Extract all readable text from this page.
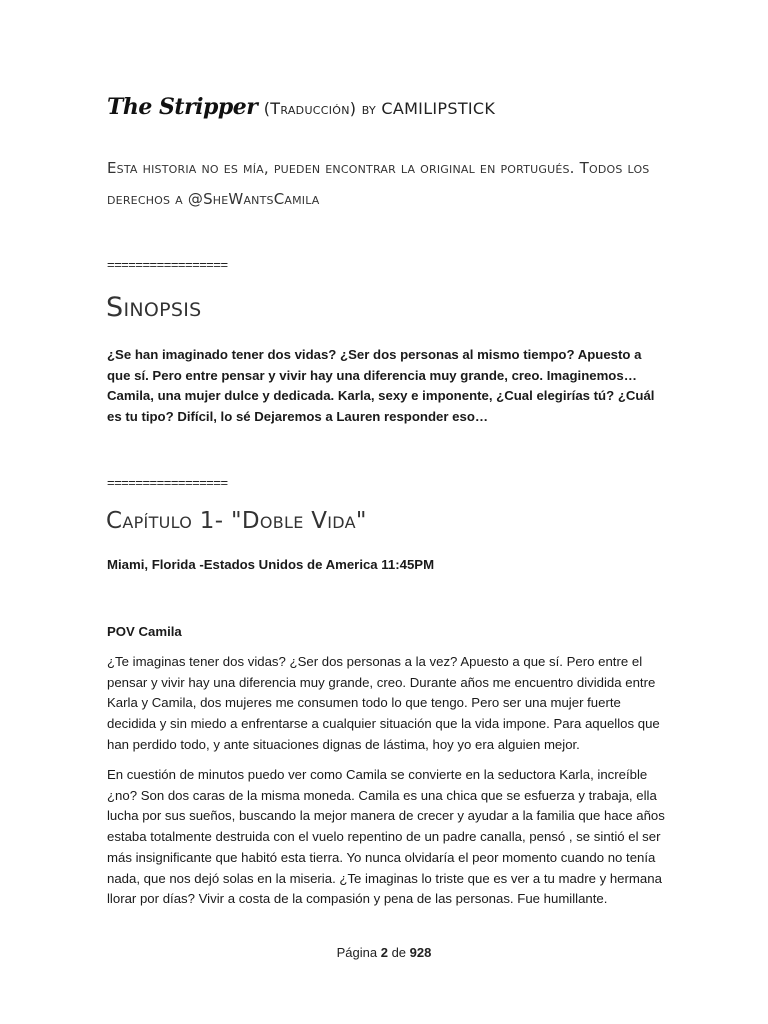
The Stripper (Traducción) by CAMILIPSTICK
Esta historia no es mía, pueden encontrar la original en portugués. Todos los derechos a @SheWantsCamila
=================
Sinopsis
¿Se han imaginado tener dos vidas? ¿Ser dos personas al mismo tiempo? Apuesto a que sí. Pero entre pensar y vivir hay una diferencia muy grande, creo. Imaginemos… Camila, una mujer dulce y dedicada. Karla, sexy e imponente, ¿Cual elegirías tú? ¿Cuál es tu tipo? Difícil, lo sé Dejaremos a Lauren responder eso…
=================
Capítulo 1- "Doble Vida"
Miami, Florida -Estados Unidos de America 11:45PM
POV Camila
¿Te imaginas tener dos vidas? ¿Ser dos personas a la vez? Apuesto a que sí. Pero entre el pensar y vivir hay una diferencia muy grande, creo. Durante años me encuentro dividida entre Karla y Camila, dos mujeres me consumen todo lo que tengo. Pero ser una mujer fuerte decidida y sin miedo a enfrentarse a cualquier situación que la vida impone. Para aquellos que han perdido todo, y ante situaciones dignas de lástima, hoy yo era alguien mejor.
En cuestión de minutos puedo ver como Camila se convierte en la seductora Karla, increíble ¿no? Son dos caras de la misma moneda. Camila es una chica que se esfuerza y trabaja, ella lucha por sus sueños, buscando la mejor manera de crecer y ayudar a la familia que hace años estaba totalmente destruida con el vuelo repentino de un padre canalla, pensó , se sintió el ser más insignificante que habitó esta tierra. Yo nunca olvidaría el peor momento cuando no tenía nada, que nos dejó solas en la miseria. ¿Te imaginas lo triste que es ver a tu madre y hermana llorar por días? Vivir a costa de la compasión y pena de las personas. Fue humillante.
Página 2 de 928
